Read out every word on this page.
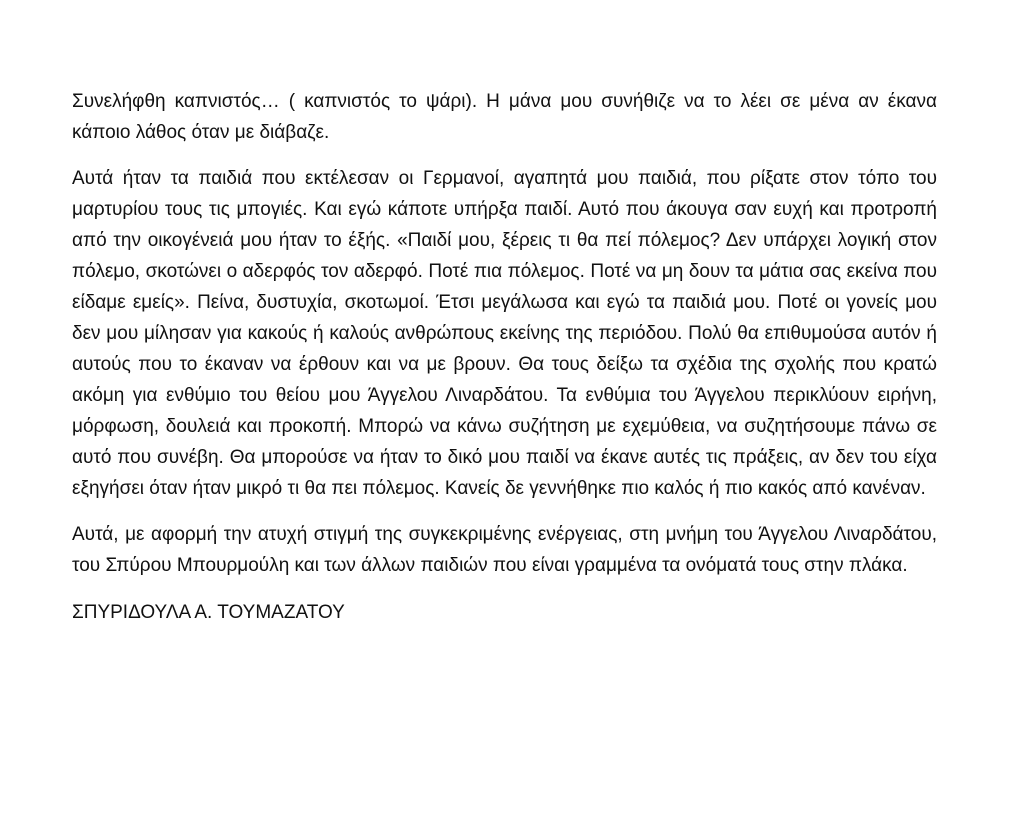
Συνελήφθη καπνιστός… ( καπνιστός το ψάρι). Η μάνα μου συνήθιζε να το λέει σε μένα αν έκανα κάποιο λάθος όταν με διάβαζε.

Αυτά ήταν τα παιδιά που εκτέλεσαν οι Γερμανοί, αγαπητά μου παιδιά, που ρίξατε στον τόπο του μαρτυρίου τους τις μπογιές. Και εγώ κάποτε υπήρξα παιδί. Αυτό που άκουγα σαν ευχή και προτροπή από την οικογένειά μου ήταν το έξής. «Παιδί μου, ξέρεις τι θα πεί πόλεμος? Δεν υπάρχει λογική στον πόλεμο, σκοτώνει ο αδερφός τον αδερφό. Ποτέ πια πόλεμος. Ποτέ να μη δουν τα μάτια σας εκείνα που είδαμε εμείς». Πείνα, δυστυχία, σκοτωμοί. Έτσι μεγάλωσα και εγώ τα παιδιά μου. Ποτέ οι γονείς μου δεν μου μίλησαν για κακούς ή καλούς ανθρώπους εκείνης της περιόδου. Πολύ θα επιθυμούσα αυτόν ή αυτούς που το έκαναν να έρθουν και να με βρουν. Θα τους δείξω τα σχέδια της σχολής που κρατώ ακόμη για ενθύμιο του θείου μου Άγγελου Λιναρδάτου. Τα ενθύμια του Άγγελου περικλύουν ειρήνη, μόρφωση, δουλειά και προκοπή. Μπορώ να κάνω συζήτηση με εχεμύθεια, να συζητήσουμε πάνω σε αυτό που συνέβη. Θα μπορούσε να ήταν το δικό μου παιδί να έκανε αυτές τις πράξεις, αν δεν του είχα εξηγήσει όταν ήταν μικρό τι θα πει πόλεμος. Κανείς δε γεννήθηκε πιο καλός ή πιο κακός από κανέναν.

Αυτά, με αφορμή την ατυχή στιγμή της συγκεκριμένης ενέργειας, στη μνήμη του Άγγελου Λιναρδάτου, του Σπύρου Μπουρμούλη και των άλλων παιδιών που είναι γραμμένα τα ονόματά τους στην πλάκα.

ΣΠΥΡΙΔΟΥΛΑ Α. ΤΟΥΜΑΖΑΤΟΥ
